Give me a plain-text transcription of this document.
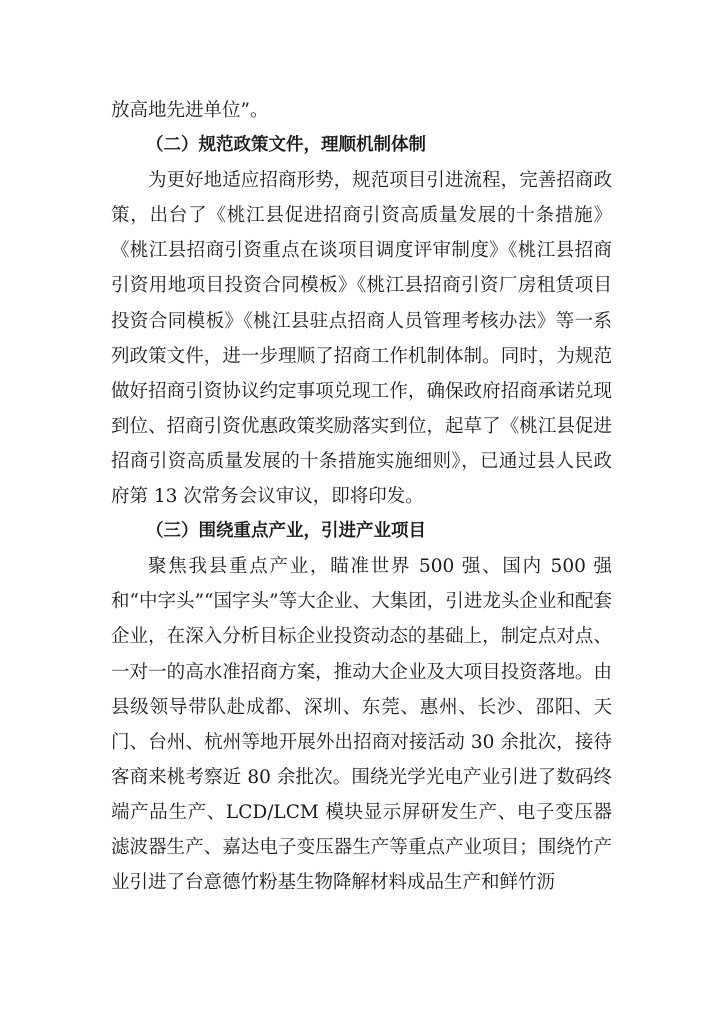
放高地先进单位”。

（二）规范政策文件，理顺机制体制

为更好地适应招商形势，规范项目引进流程，完善招商政策，出台了《桃江县促进招商引资高质量发展的十条措施》《桃江县招商引资重点在谈项目调度评审制度》《桃江县招商引资用地项目投资合同模板》《桃江县招商引资厂房租赁项目投资合同模板》《桃江县驻点招商人员管理考核办法》等一系列政策文件，进一步理顺了招商工作机制体制。同时，为规范做好招商引资协议约定事项兑现工作，确保政府招商承诺兑现到位、招商引资优惠政策奖励落实到位，起草了《桃江县促进招商引资高质量发展的十条措施实施细则》，已通过县人民政府第 13 次常务会议审议，即将印发。

（三）围绕重点产业，引进产业项目

聚焦我县重点产业，瞄准世界 500 强、国内 500 强和“中字头”“国字头”等大企业、大集团，引进龙头企业和配套企业，在深入分析目标企业投资动态的基础上，制定点对点、一对一的高水准招商方案，推动大企业及大项目投资落地。由县级领导带队赴成都、深圳、东莞、惠州、长沙、邵阳、天门、台州、杭州等地开展外出招商对接活动 30 余批次，接待客商来桃考察近 80 余批次。围绕光学光电产业引进了数码终端产品生产、LCD/LCM 模块显示屏研发生产、电子变压器滤波器生产、嘉达电子变压器生产等重点产业项目；围绕竹产业引进了台意德竹粉基生物降解材料成品生产和鲜竹沥
